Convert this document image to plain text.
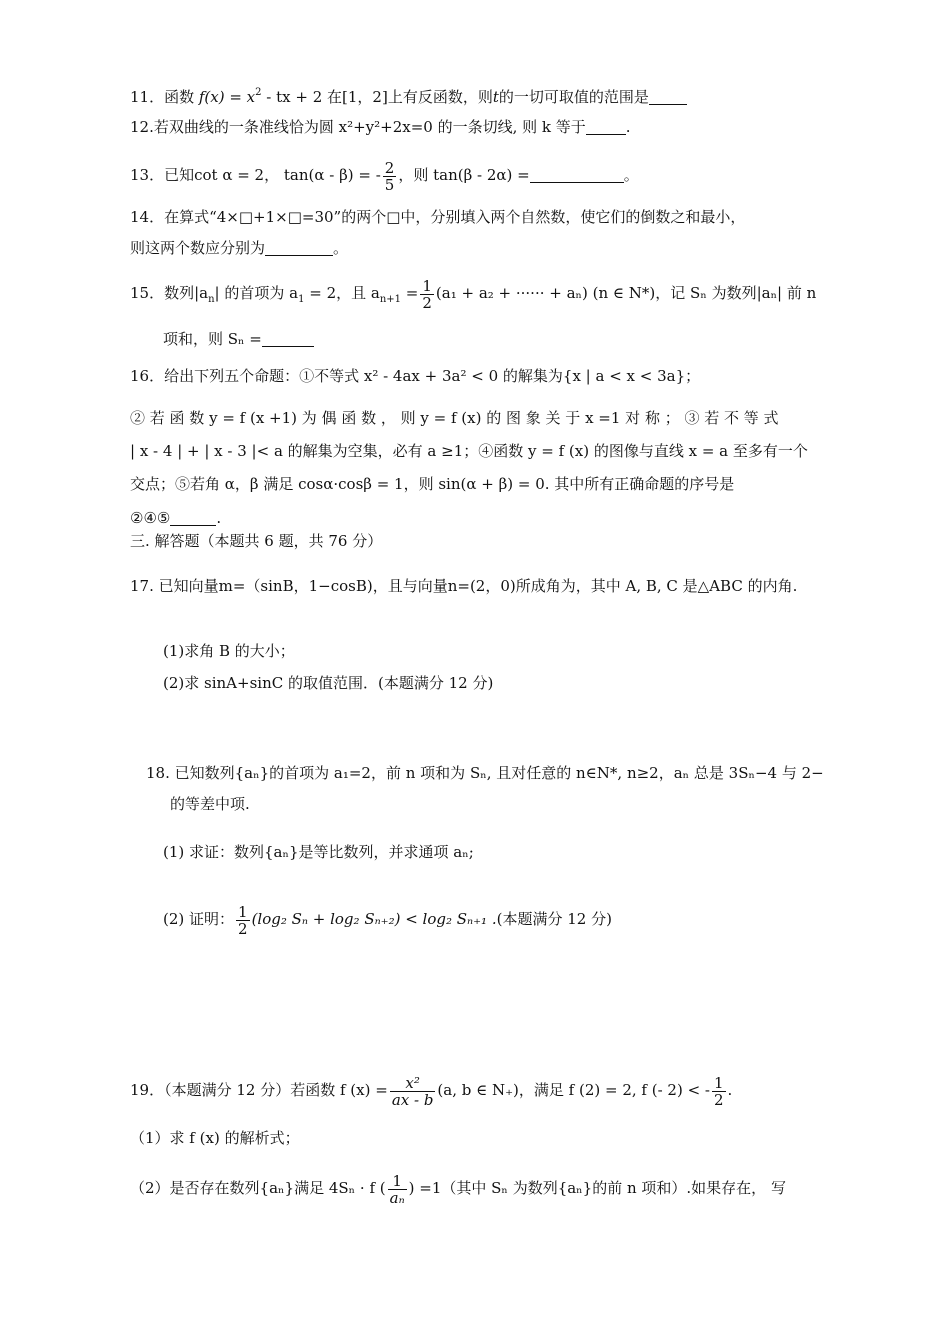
11．函数 $f(x) = x^2$ - tx + 2 在[1，2]上有反函数，则t的一切可取值的范围是
12.若双曲线的一条准线恰为圆 x²+y²+2x=0 的一条切线, 则 k 等于	.
13．已知cot α = 2， tan(α - β) = - $\frac{2}{5}$ ，则 tan(β - 2α) =	。
14．在算式“4×□+1×□=30”的两个□中，分别填入两个自然数，使它们的倒数之和最小，
则这两个数应分别为	。
15．数列$|a_n|$ 的首项为 $a_1 = 2$，且 $a_{n+1} = \frac{1}{2} (a_1 + a_2$ + ······ + aₙ) (n ∈ N*)，记 Sₙ 为数列|aₙ| 前 n
项和，则 Sₙ =
16．给出下列五个命题：①不等式 x² - 4ax + 3a² < 0 的解集为{x | a < x < 3a}；
② 若 函 数 y = f (x +1) 为 偶 函 数 ， 则 y = f (x) 的 图 象 关 于 x =1 对 称 ； ③ 若 不 等 式
| x - 4 | + | x - 3 |< a 的解集为空集，必有 a ≥1；④函数 y = f (x) 的图像与直线 x = a 至多有一个
交点；⑤若角 α，β 满足 cosα·cosβ = 1，则 sin(α + β) = 0. 其中所有正确命题的序号是
②④⑤	.
三. 解答题（本题共 6 题，共 76 分）
17. 已知向量m=（sinB，1−cosB)，且与向量n=(2，0)所成角为，其中 A, B, C 是△ABC 的内角.
(1)求角 B 的大小；
(2)求 sinA+sinC 的取值范围．(本题满分 12 分)
18. 已知数列{aₙ}的首项为 a₁=2，前 n 项和为 Sₙ, 且对任意的 n∈N*, n≥2，aₙ 总是 3Sₙ−4 与 2−
的等差中项.
(1) 求证：数列{aₙ}是等比数列，并求通项 aₙ;
(2) 证明： $\frac{1}{2} (\log_2$ Sₙ + log₂ Sₙ₊₂) < log₂ Sₙ₊₁ .(本题满分 12 分)
19．（本题满分 12 分）若函数 f $(x) = \frac{\text{x²}}{ax - b} (a$, b ∈ N₊)，满足 f (2) = 2, f (- 2) < - $\frac{1}{2}$ .
（1）求 f (x) 的解析式；
（2）是否存在数列{aₙ}满足 4Sₙ · f ( $\frac{1}{\text{aₙ}}$ ) =1（其中 Sₙ 为数列{aₙ}的前 n 项和）.如果存在， 写
